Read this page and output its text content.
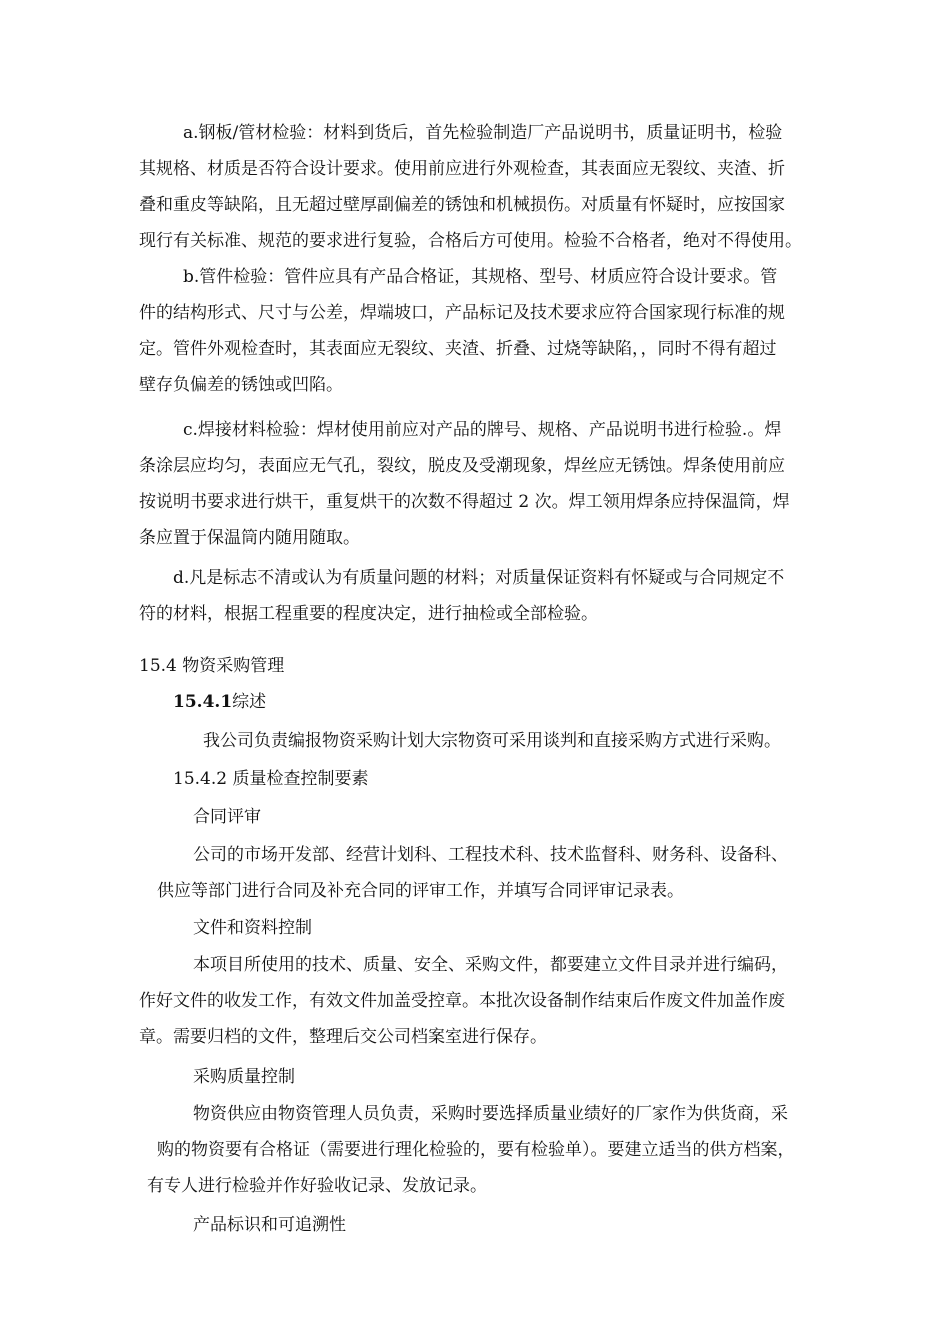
a.钢板/管材检验：材料到货后，首先检验制造厂产品说明书，质量证明书，检验
其规格、材质是否符合设计要求。使用前应进行外观检查，其表面应无裂纹、夹渣、折
叠和重皮等缺陷，且无超过壁厚副偏差的锈蚀和机械损伤。对质量有怀疑时，应按国家
现行有关标准、规范的要求进行复验，合格后方可使用。检验不合格者，绝对不得使用。
b.管件检验：管件应具有产品合格证，其规格、型号、材质应符合设计要求。管
件的结构形式、尺寸与公差，焊端坡口，产品标记及技术要求应符合国家现行标准的规
定。管件外观检查时，其表面应无裂纹、夹渣、折叠、过烧等缺陷，，同时不得有超过
壁存负偏差的锈蚀或凹陷。
c.焊接材料检验：焊材使用前应对产品的牌号、规格、产品说明书进行检验.。焊
条涂层应均匀，表面应无气孔，裂纹，脱皮及受潮现象，焊丝应无锈蚀。焊条使用前应
按说明书要求进行烘干，重复烘干的次数不得超过 2 次。焊工领用焊条应持保温筒，焊
条应置于保温筒内随用随取。
d.凡是标志不清或认为有质量问题的材料；对质量保证资料有怀疑或与合同规定不
符的材料，根据工程重要的程度决定，进行抽检或全部检验。
15.4 物资采购管理
15.4.1综述
我公司负责编报物资采购计划大宗物资可采用谈判和直接采购方式进行采购。
15.4.2 质量检查控制要素
合同评审
公司的市场开发部、经营计划科、工程技术科、技术监督科、财务科、设备科、
供应等部门进行合同及补充合同的评审工作，并填写合同评审记录表。
文件和资料控制
本项目所使用的技术、质量、安全、采购文件，都要建立文件目录并进行编码，
作好文件的收发工作，有效文件加盖受控章。本批次设备制作结束后作废文件加盖作废
章。需要归档的文件，整理后交公司档案室进行保存。
采购质量控制
物资供应由物资管理人员负责，采购时要选择质量业绩好的厂家作为供货商，采
购的物资要有合格证（需要进行理化检验的，要有检验单）。要建立适当的供方档案，
有专人进行检验并作好验收记录、发放记录。
产品标识和可追溯性
